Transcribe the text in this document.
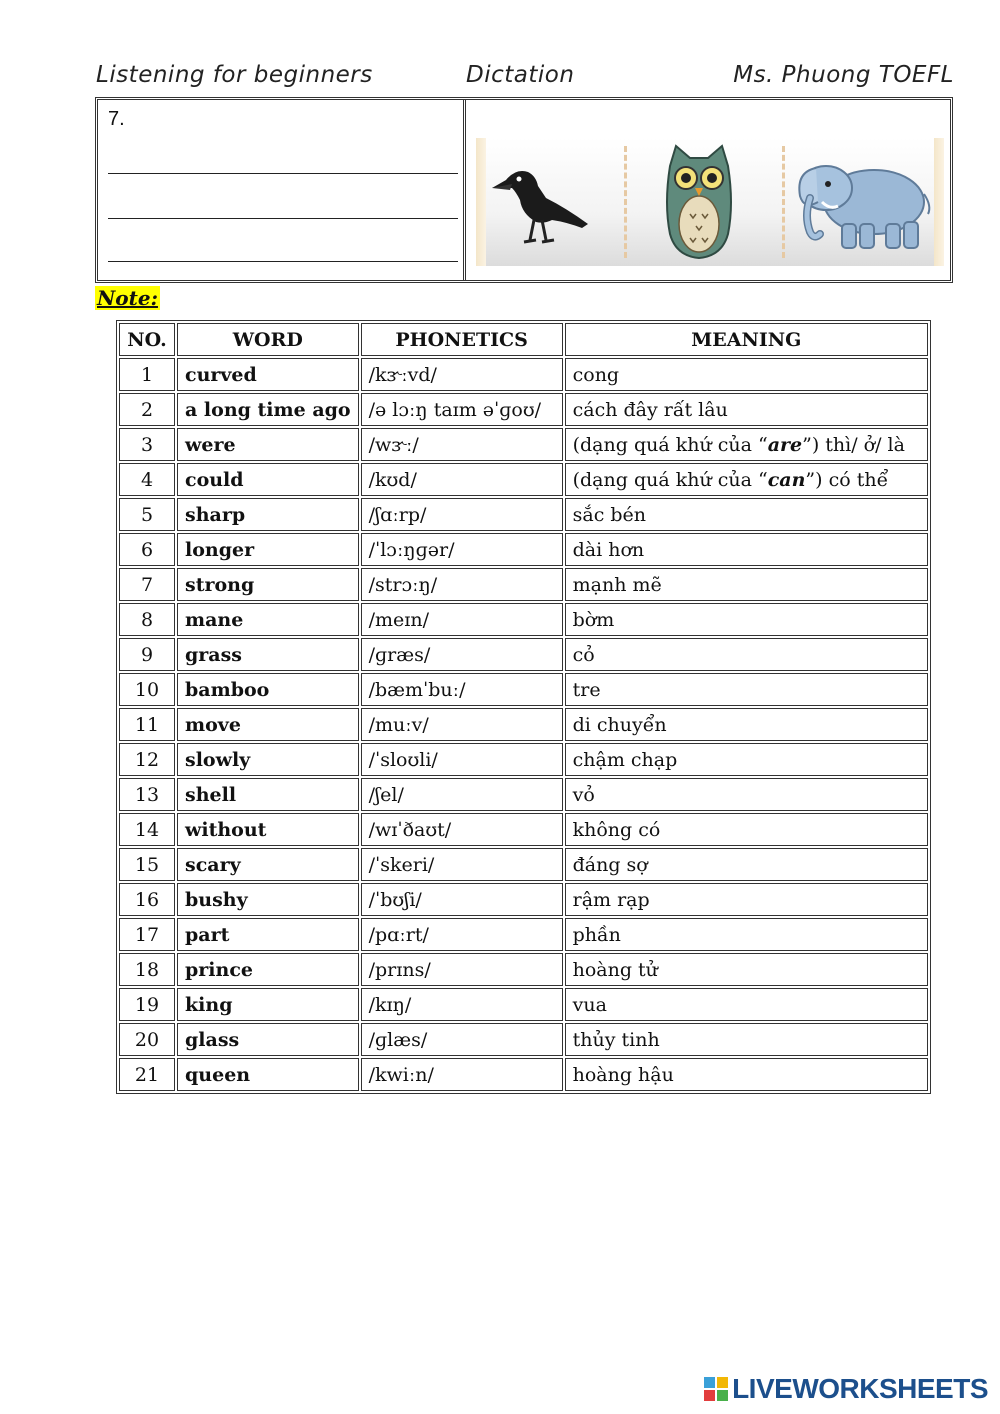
Listening for beginners	Dictation	Ms. Phuong TOEFL
7.
Note:
NO.	WORD	PHONETICS	MEANING
1	curved	/kɝːvd/	cong
2	a long time ago	/ə lɔːŋ taɪm əˈɡoʊ/	cách đây rất lâu
3	were	/wɝː/	(dạng quá khứ của “are”) thì/ ở/ là
4	could	/kʊd/	(dạng quá khứ của “can”) có thể
5	sharp	/ʃɑːrp/	sắc bén
6	longer	/ˈlɔːŋɡər/	dài hơn
7	strong	/strɔːŋ/	mạnh mẽ
8	mane	/meɪn/	bờm
9	grass	/ɡræs/	cỏ
10	bamboo	/bæmˈbuː/	tre
11	move	/muːv/	di chuyển
12	slowly	/ˈsloʊli/	chậm chạp
13	shell	/ʃel/	vỏ
14	without	/wɪˈðaʊt/	không có
15	scary	/ˈskeri/	đáng sợ
16	bushy	/ˈbʊʃi/	rậm rạp
17	part	/pɑːrt/	phần
18	prince	/prɪns/	hoàng tử
19	king	/kɪŋ/	vua
20	glass	/ɡlæs/	thủy tinh
21	queen	/kwiːn/	hoàng hậu
LIVEWORKSHEETS
